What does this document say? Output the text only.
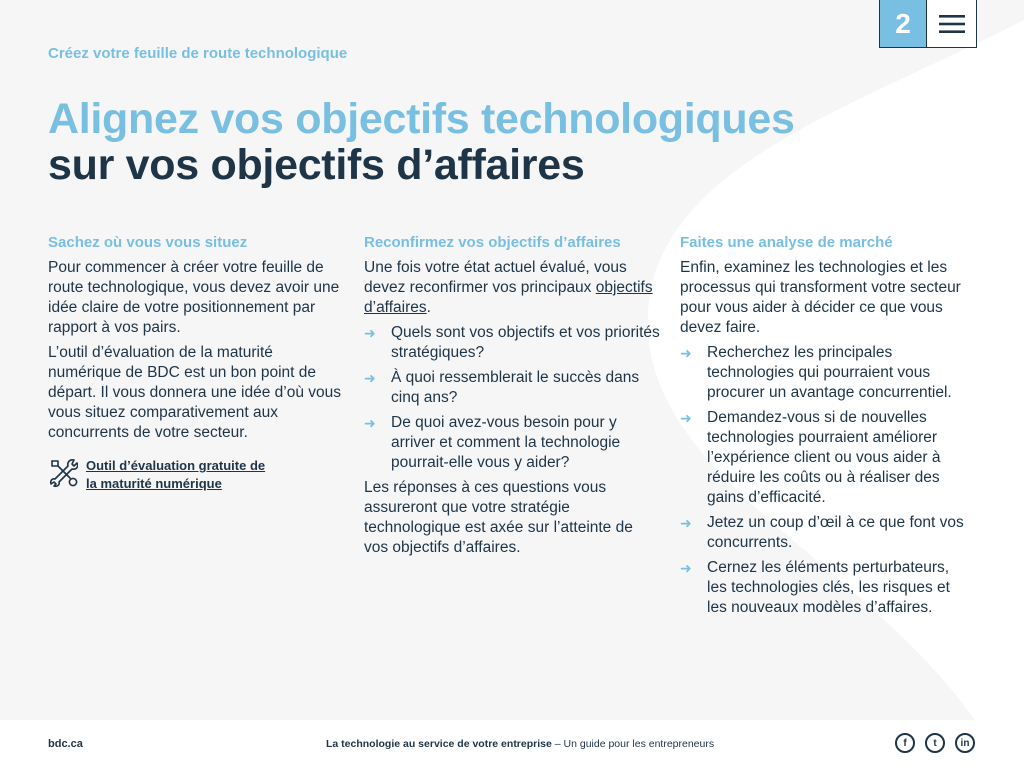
2
Créez votre feuille de route technologique
Alignez vos objectifs technologiques
sur vos objectifs d’affaires
Sachez où vous vous situez

Pour commencer à créer votre feuille de route technologique, vous devez avoir une idée claire de votre positionnement par rapport à vos pairs.

L’outil d’évaluation de la maturité numérique de BDC est un bon point de départ. Il vous donnera une idée d’où vous vous situez comparativement aux concurrents de votre secteur.

Outil d’évaluation gratuite de
la maturité numérique
Reconfirmez vos objectifs d’affaires

Une fois votre état actuel évalué, vous devez reconfirmer vos principaux objectifs d’affaires.

➜ Quels sont vos objectifs et vos priorités stratégiques?
➜ À quoi ressemblerait le succès dans cinq ans?
➜ De quoi avez-vous besoin pour y arriver et comment la technologie pourrait-elle vous y aider?

Les réponses à ces questions vous assureront que votre stratégie technologique est axée sur l’atteinte de vos objectifs d’affaires.

Faites une analyse de marché

Enfin, examinez les technologies et les processus qui transforment votre secteur pour vous aider à décider ce que vous devez faire.

➜ Recherchez les principales technologies qui pourraient vous procurer un avantage concurrentiel.
➜ Demandez-vous si de nouvelles technologies pourraient améliorer l’expérience client ou vous aider à réduire les coûts ou à réaliser des gains d’efficacité.
➜ Jetez un coup d’œil à ce que font vos concurrents.
➜ Cernez les éléments perturbateurs, les technologies clés, les risques et les nouveaux modèles d’affaires.
bdc.ca	La technologie au service de votre entreprise – Un guide pour les entrepreneurs	f	t	in
